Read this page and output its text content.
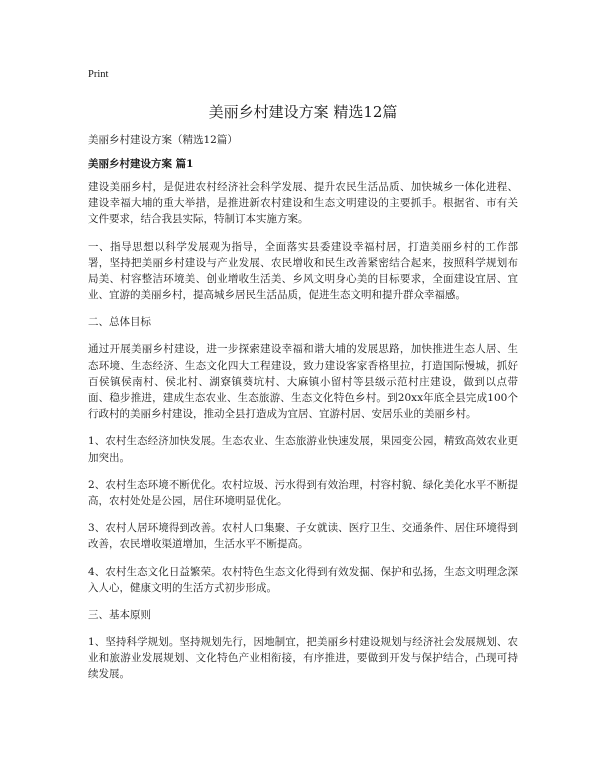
Print
美丽乡村建设方案 精选12篇

美丽乡村建设方案（精选12篇）

美丽乡村建设方案 篇1

建设美丽乡村，是促进农村经济社会科学发展、提升农民生活品质、加快城乡一体化进程、建设幸福大埔的重大举措，是推进新农村建设和生态文明建设的主要抓手。根据省、市有关文件要求，结合我县实际，特制订本实施方案。

一、指导思想以科学发展观为指导，全面落实县委建设幸福村居，打造美丽乡村的工作部署，坚持把美丽乡村建设与产业发展、农民增收和民生改善紧密结合起来，按照科学规划布局美、村容整洁环境美、创业增收生活美、乡风文明身心美的目标要求，全面建设宜居、宜业、宜游的美丽乡村，提高城乡居民生活品质，促进生态文明和提升群众幸福感。

二、总体目标

通过开展美丽乡村建设，进一步探索建设幸福和谐大埔的发展思路，加快推进生态人居、生态环境、生态经济、生态文化四大工程建设，致力建设客家香格里拉，打造国际慢城，抓好百侯镇侯南村、侯北村、湖寮镇葵坑村、大麻镇小留村等县级示范村庄建设，做到以点带面、稳步推进，建成生态农业、生态旅游、生态文化特色乡村。到20xx年底全县完成100个行政村的美丽乡村建设，推动全县打造成为宜居、宜游村居、安居乐业的美丽乡村。

1、农村生态经济加快发展。生态农业、生态旅游业快速发展，果园变公园，精致高效农业更加突出。

2、农村生态环境不断优化。农村垃圾、污水得到有效治理，村容村貌、绿化美化水平不断提高，农村处处是公园，居住环境明显优化。

3、农村人居环境得到改善。农村人口集聚、子女就读、医疗卫生、交通条件、居住环境得到改善，农民增收渠道增加，生活水平不断提高。

4、农村生态文化日益繁荣。农村特色生态文化得到有效发掘、保护和弘扬，生态文明理念深入人心，健康文明的生活方式初步形成。

三、基本原则

1、坚持科学规划。坚持规划先行，因地制宜，把美丽乡村建设规划与经济社会发展规划、农业和旅游业发展规划、文化特色产业相衔接，有序推进，要做到开发与保护结合，凸现可持续发展。
